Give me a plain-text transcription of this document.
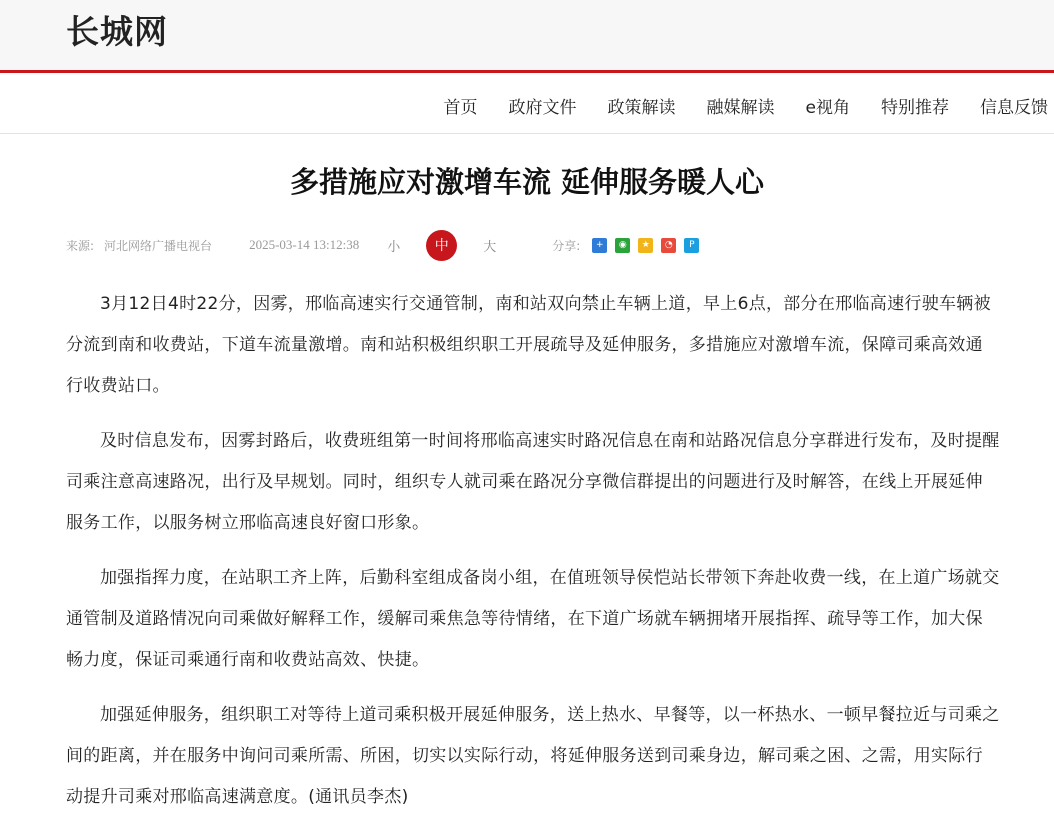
长城网
首页 政府文件 政策解读 融媒解读 e视角 特别推荐 信息反馈
多措施应对激增车流 延伸服务暖人心
来源: 河北网络广播电视台	2025-03-14 13:12:38 小	中	大	分享:	+	◉	★	◔	P

3月12日4时22分，因雾，邢临高速实行交通管制，南和站双向禁止车辆上道，早上6点，部分在邢临高速行驶车辆被分流到南和收费站，下道车流量激增。南和站积极组织职工开展疏导及延伸服务，多措施应对激增车流，保障司乘高效通行收费站口。

及时信息发布，因雾封路后，收费班组第一时间将邢临高速实时路况信息在南和站路况信息分享群进行发布，及时提醒司乘注意高速路况，出行及早规划。同时，组织专人就司乘在路况分享微信群提出的问题进行及时解答，在线上开展延伸服务工作，以服务树立邢临高速良好窗口形象。

加强指挥力度，在站职工齐上阵，后勤科室组成备岗小组，在值班领导侯恺站长带领下奔赴收费一线，在上道广场就交通管制及道路情况向司乘做好解释工作，缓解司乘焦急等待情绪，在下道广场就车辆拥堵开展指挥、疏导等工作，加大保畅力度，保证司乘通行南和收费站高效、快捷。

加强延伸服务，组织职工对等待上道司乘积极开展延伸服务，送上热水、早餐等，以一杯热水、一顿早餐拉近与司乘之间的距离，并在服务中询问司乘所需、所困，切实以实际行动，将延伸服务送到司乘身边，解司乘之困、之需，用实际行动提升司乘对邢临高速满意度。(通讯员李杰)
